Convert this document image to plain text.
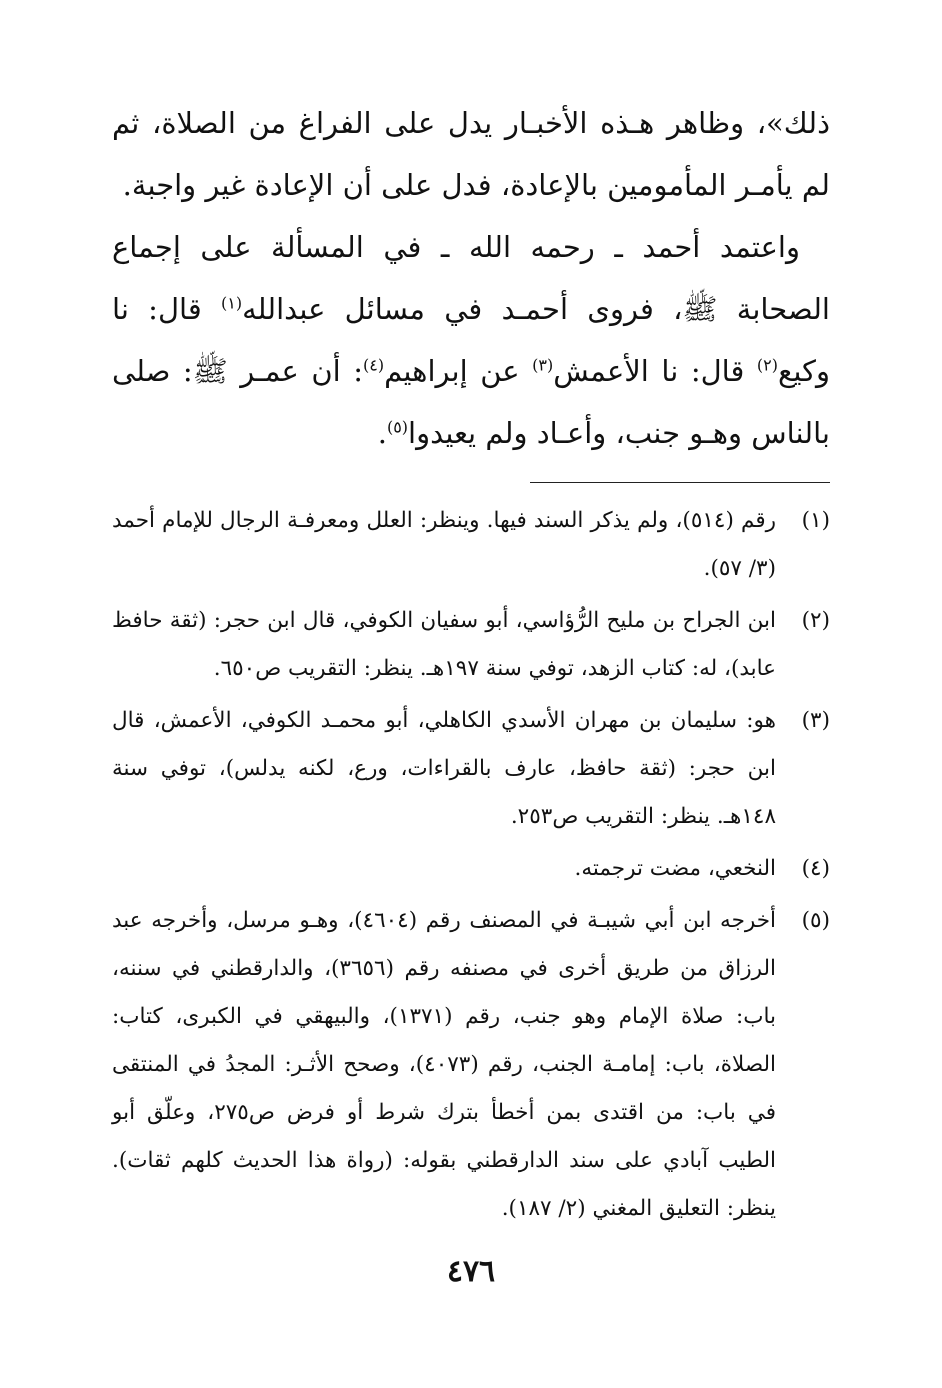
ذلك»، وظاهر هـذه الأخبـار يدل على الفراغ من الصلاة، ثم لم يأمـر المأمومين بالإعادة، فدل على أن الإعادة غير واجبة.

واعتمد أحمد ـ رحمه الله ـ في المسألة على إجماع الصحابة ﷺ، فروى أحمـد في مسائل عبدالله$^{(١)}$ قال: نا وكيع$^{(٢)}$ قال: نا الأعمش$^{(٣)}$ عن إبراهيم$^{(٤)}$: أن عمـر ﷺ: صلى بالناس وهـو جنب، وأعـاد ولم يعيدوا$^{(٥)}$.

(١)
رقم (٥١٤)، ولم يذكر السند فيها. وينظر: العلل ومعرفـة الرجال للإمام أحمد (٣/ ٥٧).
(٢)
ابن الجراح بن مليح الرُّؤاسي، أبو سفيان الكوفي، قال ابن حجر: (ثقة حافظ عابد)، له: كتاب الزهد، توفي سنة ١٩٧هـ. ينظر: التقريب ص٦٥٠.
(٣)
هو: سليمان بن مهران الأسدي الكاهلي، أبو محمـد الكوفي، الأعمش، قال ابن حجر: (ثقة حافظ، عارف بالقراءات، ورع، لكنه يدلس)، توفي سنة ١٤٨هـ. ينظر: التقريب ص٢٥٣.
(٤)
النخعي، مضت ترجمته.
(٥)
أخرجه ابن أبي شيبـة في المصنف رقم (٤٦٠٤)، وهـو مرسل، وأخرجه عبد الرزاق من طريق أخرى في مصنفه رقم (٣٦٥٦)، والدارقطني في سننه، باب: صلاة الإمام وهو جنب، رقم (١٣٧١)، والبيهقي في الكبرى، كتاب: الصلاة، باب: إمامـة الجنب، رقم (٤٠٧٣)، وصحح الأثـر: المجدُ في المنتقى في باب: من اقتدى بمن أخطأ بترك شرط أو فرض ص٢٧٥، وعلّق أبو الطيب آبادي على سند الدارقطني بقوله: (رواة هذا الحديث كلهم ثقات). ينظر: التعليق المغني (٢/ ١٨٧).
٤٧٦
